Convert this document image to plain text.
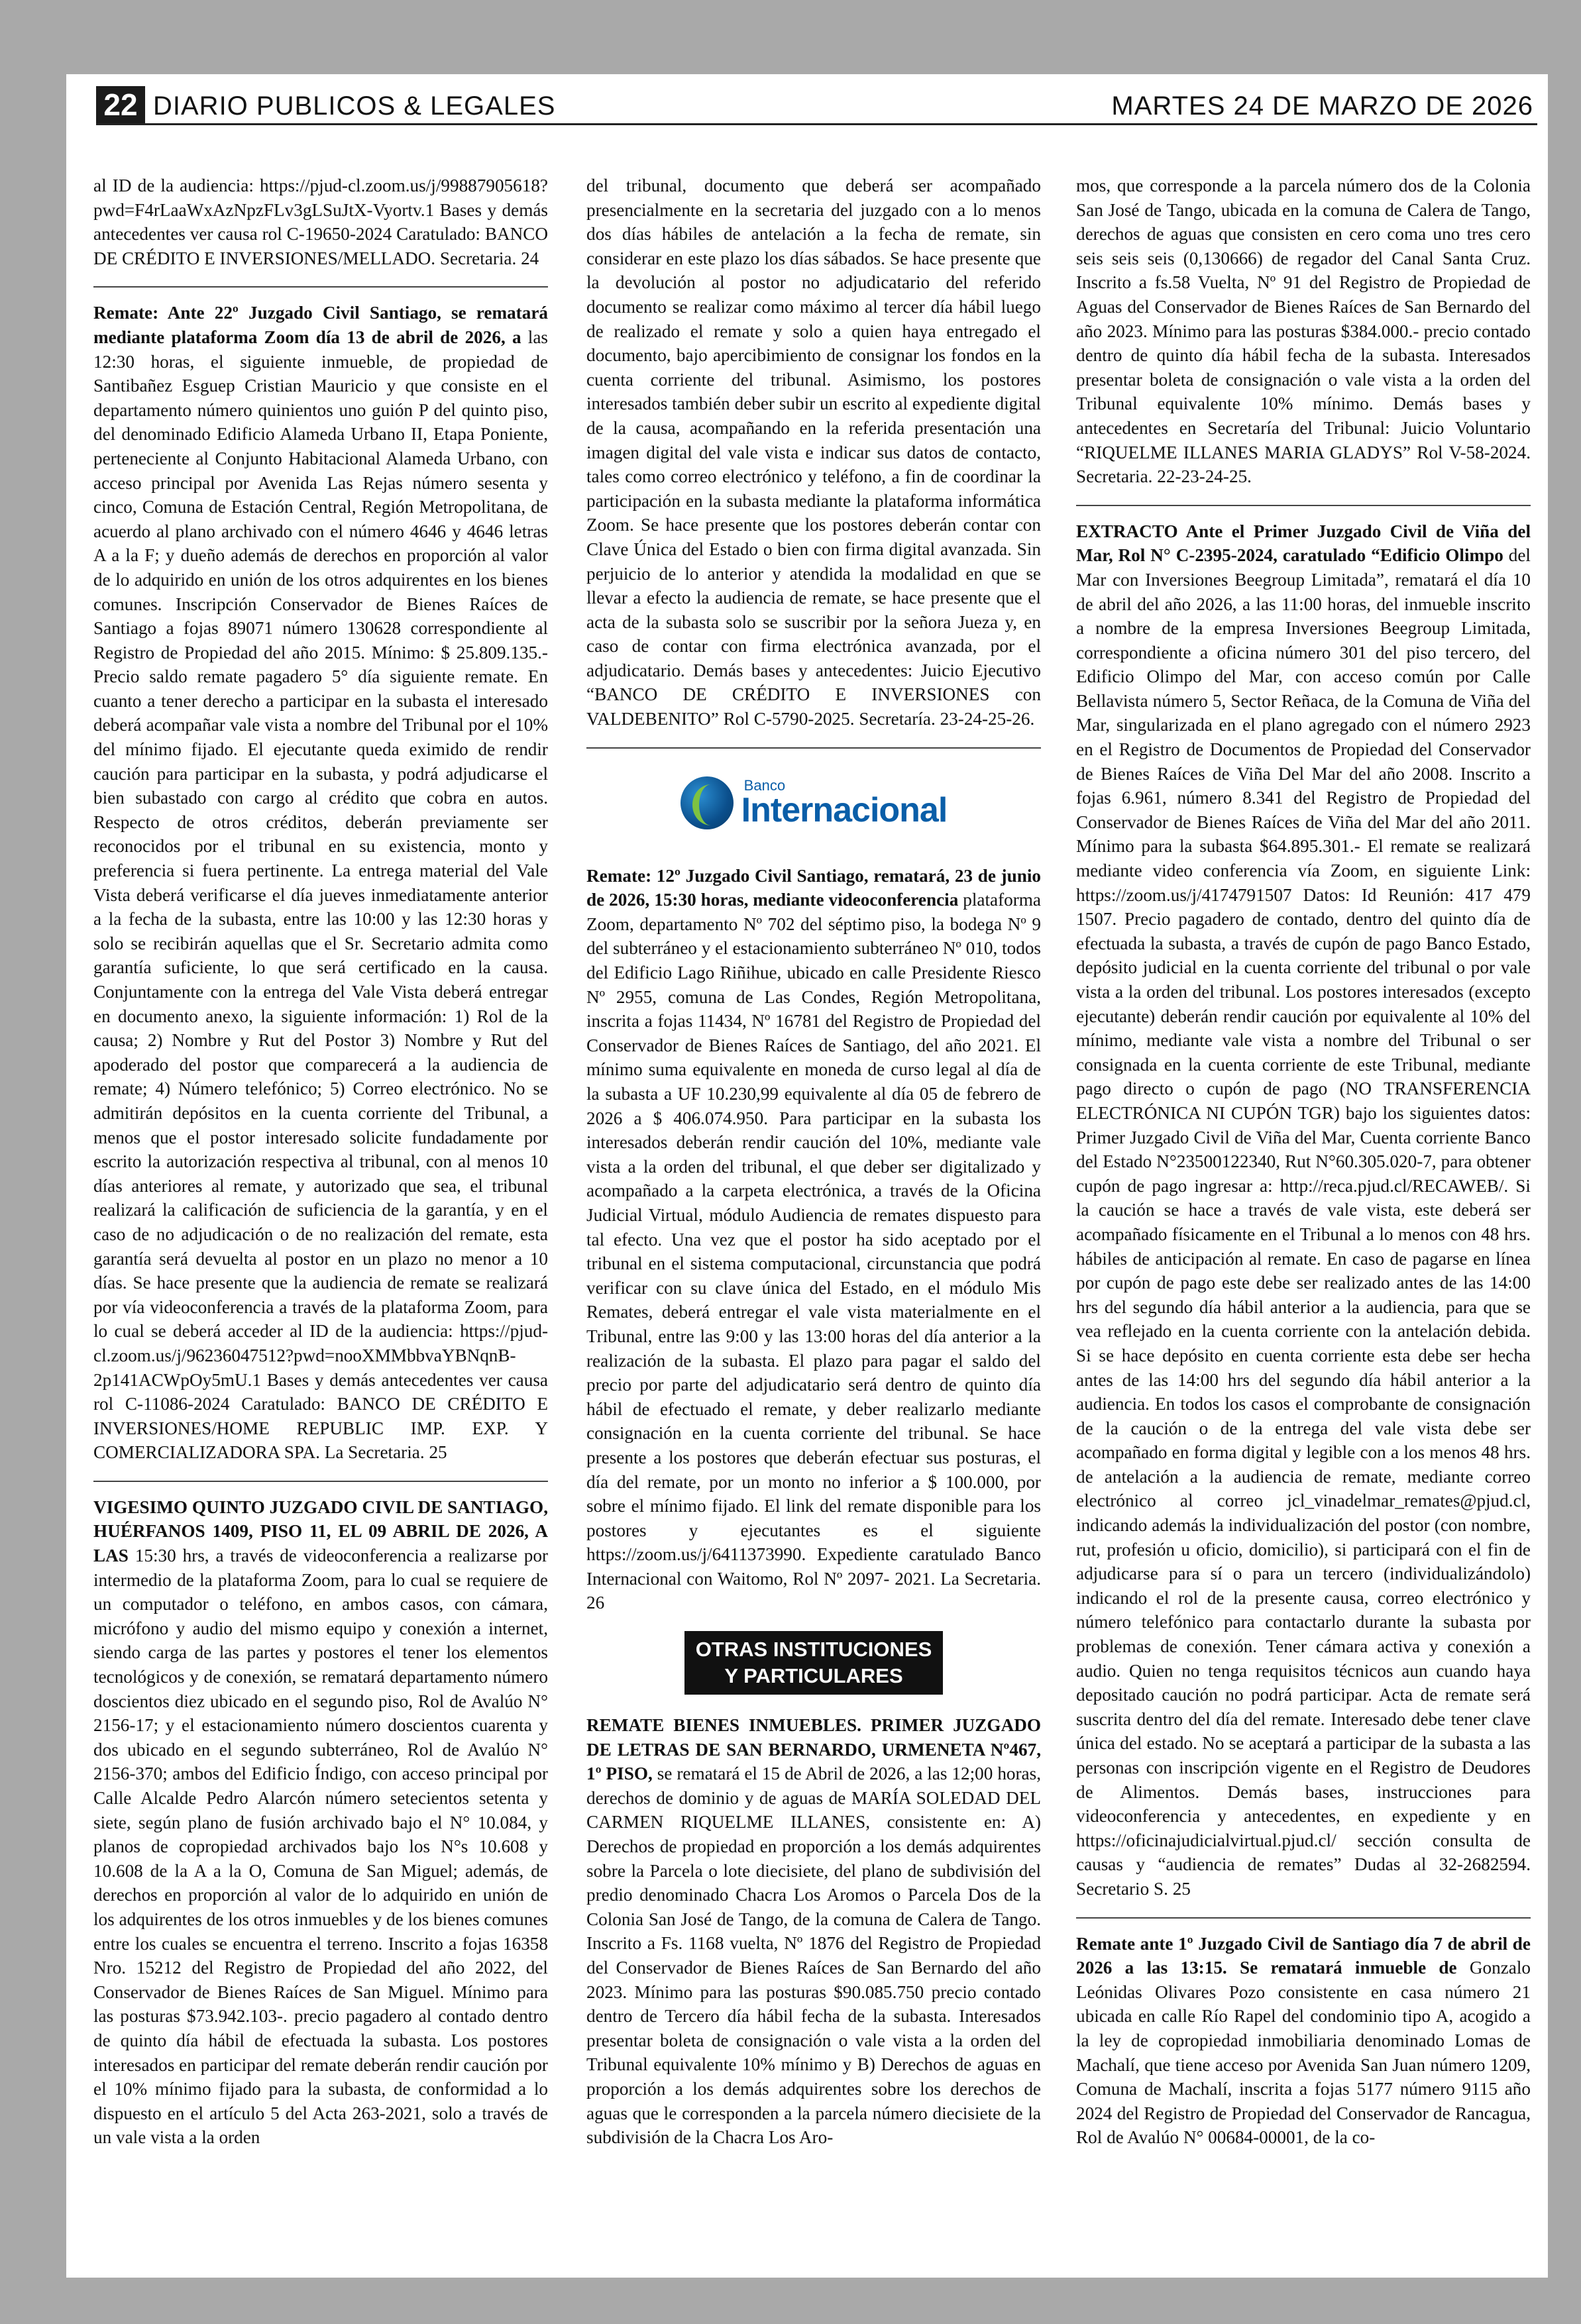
22 DIARIO PUBLICOS & LEGALES	MARTES 24 DE MARZO DE 2026

al ID de la audiencia: https://pjud-cl.zoom.us/j/99887905618?pwd=F4rLaaWxAzNpzFLv3gLSuJtX-Vyortv.1 Bases y demás antecedentes ver causa rol C-19650-2024 Caratulado: BANCO DE CRÉDITO E INVERSIONES/MELLADO. Secretaria. 24

Remate: Ante 22º Juzgado Civil Santiago, se rematará mediante plataforma Zoom día 13 de abril de 2026, a las 12:30 horas, el siguiente inmueble, de propiedad de Santibañez Esguep Cristian Mauricio y que consiste en el departamento número quinientos uno guión P del quinto piso, del denominado Edificio Alameda Urbano II, Etapa Poniente, perteneciente al Conjunto Habitacional Alameda Urbano, con acceso principal por Avenida Las Rejas número sesenta y cinco, Comuna de Estación Central, Región Metropolitana, de acuerdo al plano archivado con el número 4646 y 4646 letras A a la F; y dueño además de derechos en proporción al valor de lo adquirido en unión de los otros adquirentes en los bienes comunes. Inscripción Conservador de Bienes Raíces de Santiago a fojas 89071 número 130628 correspondiente al Registro de Propiedad del año 2015. Mínimo: $ 25.809.135.- Precio saldo remate pagadero 5° día siguiente remate. En cuanto a tener derecho a participar en la subasta el interesado deberá acompañar vale vista a nombre del Tribunal por el 10% del mínimo fijado. El ejecutante queda eximido de rendir caución para participar en la subasta, y podrá adjudicarse el bien subastado con cargo al crédito que cobra en autos. Respecto de otros créditos, deberán previamente ser reconocidos por el tribunal en su existencia, monto y preferencia si fuera pertinente. La entrega material del Vale Vista deberá verificarse el día jueves inmediatamente anterior a la fecha de la subasta, entre las 10:00 y las 12:30 horas y solo se recibirán aquellas que el Sr. Secretario admita como garantía suficiente, lo que será certificado en la causa. Conjuntamente con la entrega del Vale Vista deberá entregar en documento anexo, la siguiente información: 1) Rol de la causa; 2) Nombre y Rut del Postor 3) Nombre y Rut del apoderado del postor que comparecerá a la audiencia de remate; 4) Número telefónico; 5) Correo electrónico. No se admitirán depósitos en la cuenta corriente del Tribunal, a menos que el postor interesado solicite fundadamente por escrito la autorización respectiva al tribunal, con al menos 10 días anteriores al remate, y autorizado que sea, el tribunal realizará la calificación de suficiencia de la garantía, y en el caso de no adjudicación o de no realización del remate, esta garantía será devuelta al postor en un plazo no menor a 10 días. Se hace presente que la audiencia de remate se realizará por vía videoconferencia a través de la plataforma Zoom, para lo cual se deberá acceder al ID de la audiencia: https://pjud-cl.zoom.us/j/96236047512?pwd=nooXMMbbvaYBNqnB-2p141ACWpOy5mU.1 Bases y demás antecedentes ver causa rol C-11086-2024 Caratulado: BANCO DE CRÉDITO E INVERSIONES/HOME REPUBLIC IMP. EXP. Y COMERCIALIZADORA SPA. La Secretaria. 25

VIGESIMO QUINTO JUZGADO CIVIL DE SANTIAGO, HUÉRFANOS 1409, PISO 11, EL 09 ABRIL DE 2026, A LAS 15:30 hrs, a través de videoconferencia a realizarse por intermedio de la plataforma Zoom, para lo cual se requiere de un computador o teléfono, en ambos casos, con cámara, micrófono y audio del mismo equipo y conexión a internet, siendo carga de las partes y postores el tener los elementos tecnológicos y de conexión, se rematará departamento número doscientos diez ubicado en el segundo piso, Rol de Avalúo N° 2156-17; y el estacionamiento número doscientos cuarenta y dos ubicado en el segundo subterráneo, Rol de Avalúo N° 2156-370; ambos del Edificio Índigo, con acceso principal por Calle Alcalde Pedro Alarcón número setecientos setenta y siete, según plano de fusión archivado bajo el N° 10.084, y planos de copropiedad archivados bajo los N°s 10.608 y 10.608 de la A a la O, Comuna de San Miguel; además, de derechos en proporción al valor de lo adquirido en unión de los adquirentes de los otros inmuebles y de los bienes comunes entre los cuales se encuentra el terreno. Inscrito a fojas 16358 Nro. 15212 del Registro de Propiedad del año 2022, del Conservador de Bienes Raíces de San Miguel. Mínimo para las posturas $73.942.103-. precio pagadero al contado dentro de quinto día hábil de efectuada la subasta. Los postores interesados en participar del remate deberán rendir caución por el 10% mínimo fijado para la subasta, de conformidad a lo dispuesto en el artículo 5 del Acta 263-2021, solo a través de un vale vista a la orden

del tribunal, documento que deberá ser acompañado presencialmente en la secretaria del juzgado con a lo menos dos días hábiles de antelación a la fecha de remate, sin considerar en este plazo los días sábados. Se hace presente que la devolución al postor no adjudicatario del referido documento se realizar como máximo al tercer día hábil luego de realizado el remate y solo a quien haya entregado el documento, bajo apercibimiento de consignar los fondos en la cuenta corriente del tribunal. Asimismo, los postores interesados también deber subir un escrito al expediente digital de la causa, acompañando en la referida presentación una imagen digital del vale vista e indicar sus datos de contacto, tales como correo electrónico y teléfono, a fin de coordinar la participación en la subasta mediante la plataforma informática Zoom. Se hace presente que los postores deberán contar con Clave Única del Estado o bien con firma digital avanzada. Sin perjuicio de lo anterior y atendida la modalidad en que se llevar a efecto la audiencia de remate, se hace presente que el acta de la subasta solo se suscribir por la señora Jueza y, en caso de contar con firma electrónica avanzada, por el adjudicatario. Demás bases y antecedentes: Juicio Ejecutivo “BANCO DE CRÉDITO E INVERSIONES con VALDEBENITO” Rol C-5790-2025. Secretaría. 23-24-25-26.

Banco
Internacional

Remate: 12º Juzgado Civil Santiago, rematará, 23 de junio de 2026, 15:30 horas, mediante videoconferencia plataforma Zoom, departamento Nº 702 del séptimo piso, la bodega Nº 9 del subterráneo y el estacionamiento subterráneo Nº 010, todos del Edificio Lago Riñihue, ubicado en calle Presidente Riesco Nº 2955, comuna de Las Condes, Región Metropolitana, inscrita a fojas 11434, Nº 16781 del Registro de Propiedad del Conservador de Bienes Raíces de Santiago, del año 2021. El mínimo suma equivalente en moneda de curso legal al día de la subasta a UF 10.230,99 equivalente al día 05 de febrero de 2026 a $ 406.074.950. Para participar en la subasta los interesados deberán rendir caución del 10%, mediante vale vista a la orden del tribunal, el que deber ser digitalizado y acompañado a la carpeta electrónica, a través de la Oficina Judicial Virtual, módulo Audiencia de remates dispuesto para tal efecto. Una vez que el postor ha sido aceptado por el tribunal en el sistema computacional, circunstancia que podrá verificar con su clave única del Estado, en el módulo Mis Remates, deberá entregar el vale vista materialmente en el Tribunal, entre las 9:00 y las 13:00 horas del día anterior a la realización de la subasta. El plazo para pagar el saldo del precio por parte del adjudicatario será dentro de quinto día hábil de efectuado el remate, y deber realizarlo mediante consignación en la cuenta corriente del tribunal. Se hace presente a los postores que deberán efectuar sus posturas, el día del remate, por un monto no inferior a $ 100.000, por sobre el mínimo fijado. El link del remate disponible para los postores y ejecutantes es el siguiente https://zoom.us/j/6411373990. Expediente caratulado Banco Internacional con Waitomo, Rol Nº 2097- 2021. La Secretaria. 26

OTRAS INSTITUCIONES
Y PARTICULARES

REMATE BIENES INMUEBLES. PRIMER JUZGADO DE LETRAS DE SAN BERNARDO, URMENETA Nº467, 1º PISO, se rematará el 15 de Abril de 2026, a las 12;00 horas, derechos de dominio y de aguas de MARÍA SOLEDAD DEL CARMEN RIQUELME ILLANES, consistente en: A) Derechos de propiedad en proporción a los demás adquirentes sobre la Parcela o lote diecisiete, del plano de subdivisión del predio denominado Chacra Los Aromos o Parcela Dos de la Colonia San José de Tango, de la comuna de Calera de Tango. Inscrito a Fs. 1168 vuelta, Nº 1876 del Registro de Propiedad del Conservador de Bienes Raíces de San Bernardo del año 2023. Mínimo para las posturas $90.085.750 precio contado dentro de Tercero día hábil fecha de la subasta. Interesados presentar boleta de consignación o vale vista a la orden del Tribunal equivalente 10% mínimo y B) Derechos de aguas en proporción a los demás adquirentes sobre los derechos de aguas que le corresponden a la parcela número diecisiete de la subdivisión de la Chacra Los Aro-

mos, que corresponde a la parcela número dos de la Colonia San José de Tango, ubicada en la comuna de Calera de Tango, derechos de aguas que consisten en cero coma uno tres cero seis seis seis (0,130666) de regador del Canal Santa Cruz. Inscrito a fs.58 Vuelta, Nº 91 del Registro de Propiedad de Aguas del Conservador de Bienes Raíces de San Bernardo del año 2023. Mínimo para las posturas $384.000.- precio contado dentro de quinto día hábil fecha de la subasta. Interesados presentar boleta de consignación o vale vista a la orden del Tribunal equivalente 10% mínimo. Demás bases y antecedentes en Secretaría del Tribunal: Juicio Voluntario “RIQUELME ILLANES MARIA GLADYS” Rol V-58-2024. Secretaria. 22-23-24-25.

EXTRACTO Ante el Primer Juzgado Civil de Viña del Mar, Rol N° C-2395-2024, caratulado “Edificio Olimpo del Mar con Inversiones Beegroup Limitada”, rematará el día 10 de abril del año 2026, a las 11:00 horas, del inmueble inscrito a nombre de la empresa Inversiones Beegroup Limitada, correspondiente a oficina número 301 del piso tercero, del Edificio Olimpo del Mar, con acceso común por Calle Bellavista número 5, Sector Reñaca, de la Comuna de Viña del Mar, singularizada en el plano agregado con el número 2923 en el Registro de Documentos de Propiedad del Conservador de Bienes Raíces de Viña Del Mar del año 2008. Inscrito a fojas 6.961, número 8.341 del Registro de Propiedad del Conservador de Bienes Raíces de Viña del Mar del año 2011. Mínimo para la subasta $64.895.301.- El remate se realizará mediante video conferencia vía Zoom, en siguiente Link: https://zoom.us/j/4174791507 Datos: Id Reunión: 417 479 1507. Precio pagadero de contado, dentro del quinto día de efectuada la subasta, a través de cupón de pago Banco Estado, depósito judicial en la cuenta corriente del tribunal o por vale vista a la orden del tribunal. Los postores interesados (excepto ejecutante) deberán rendir caución por equivalente al 10% del mínimo, mediante vale vista a nombre del Tribunal o ser consignada en la cuenta corriente de este Tribunal, mediante pago directo o cupón de pago (NO TRANSFERENCIA ELECTRÓNICA NI CUPÓN TGR) bajo los siguientes datos: Primer Juzgado Civil de Viña del Mar, Cuenta corriente Banco del Estado N°23500122340, Rut N°60.305.020-7, para obtener cupón de pago ingresar a: http://reca.pjud.cl/RECAWEB/. Si la caución se hace a través de vale vista, este deberá ser acompañado físicamente en el Tribunal a lo menos con 48 hrs. hábiles de anticipación al remate. En caso de pagarse en línea por cupón de pago este debe ser realizado antes de las 14:00 hrs del segundo día hábil anterior a la audiencia, para que se vea reflejado en la cuenta corriente con la antelación debida. Si se hace depósito en cuenta corriente esta debe ser hecha antes de las 14:00 hrs del segundo día hábil anterior a la audiencia. En todos los casos el comprobante de consignación de la caución o de la entrega del vale vista debe ser acompañado en forma digital y legible con a los menos 48 hrs. de antelación a la audiencia de remate, mediante correo electrónico al correo jcl_vinadelmar_remates@pjud.cl, indicando además la individualización del postor (con nombre, rut, profesión u oficio, domicilio), si participará con el fin de adjudicarse para sí o para un tercero (individualizándolo) indicando el rol de la presente causa, correo electrónico y número telefónico para contactarlo durante la subasta por problemas de conexión. Tener cámara activa y conexión a audio. Quien no tenga requisitos técnicos aun cuando haya depositado caución no podrá participar. Acta de remate será suscrita dentro del día del remate. Interesado debe tener clave única del estado. No se aceptará a participar de la subasta a las personas con inscripción vigente en el Registro de Deudores de Alimentos. Demás bases, instrucciones para videoconferencia y antecedentes, en expediente y en https://oficinajudicialvirtual.pjud.cl/ sección consulta de causas y “audiencia de remates” Dudas al 32-2682594. Secretario S. 25

Remate ante 1º Juzgado Civil de Santiago día 7 de abril de 2026 a las 13:15. Se rematará inmueble de Gonzalo Leónidas Olivares Pozo consistente en casa número 21 ubicada en calle Río Rapel del condominio tipo A, acogido a la ley de copropiedad inmobiliaria denominado Lomas de Machalí, que tiene acceso por Avenida San Juan número 1209, Comuna de Machalí, inscrita a fojas 5177 número 9115 año 2024 del Registro de Propiedad del Conservador de Rancagua, Rol de Avalúo N° 00684-00001, de la co-
